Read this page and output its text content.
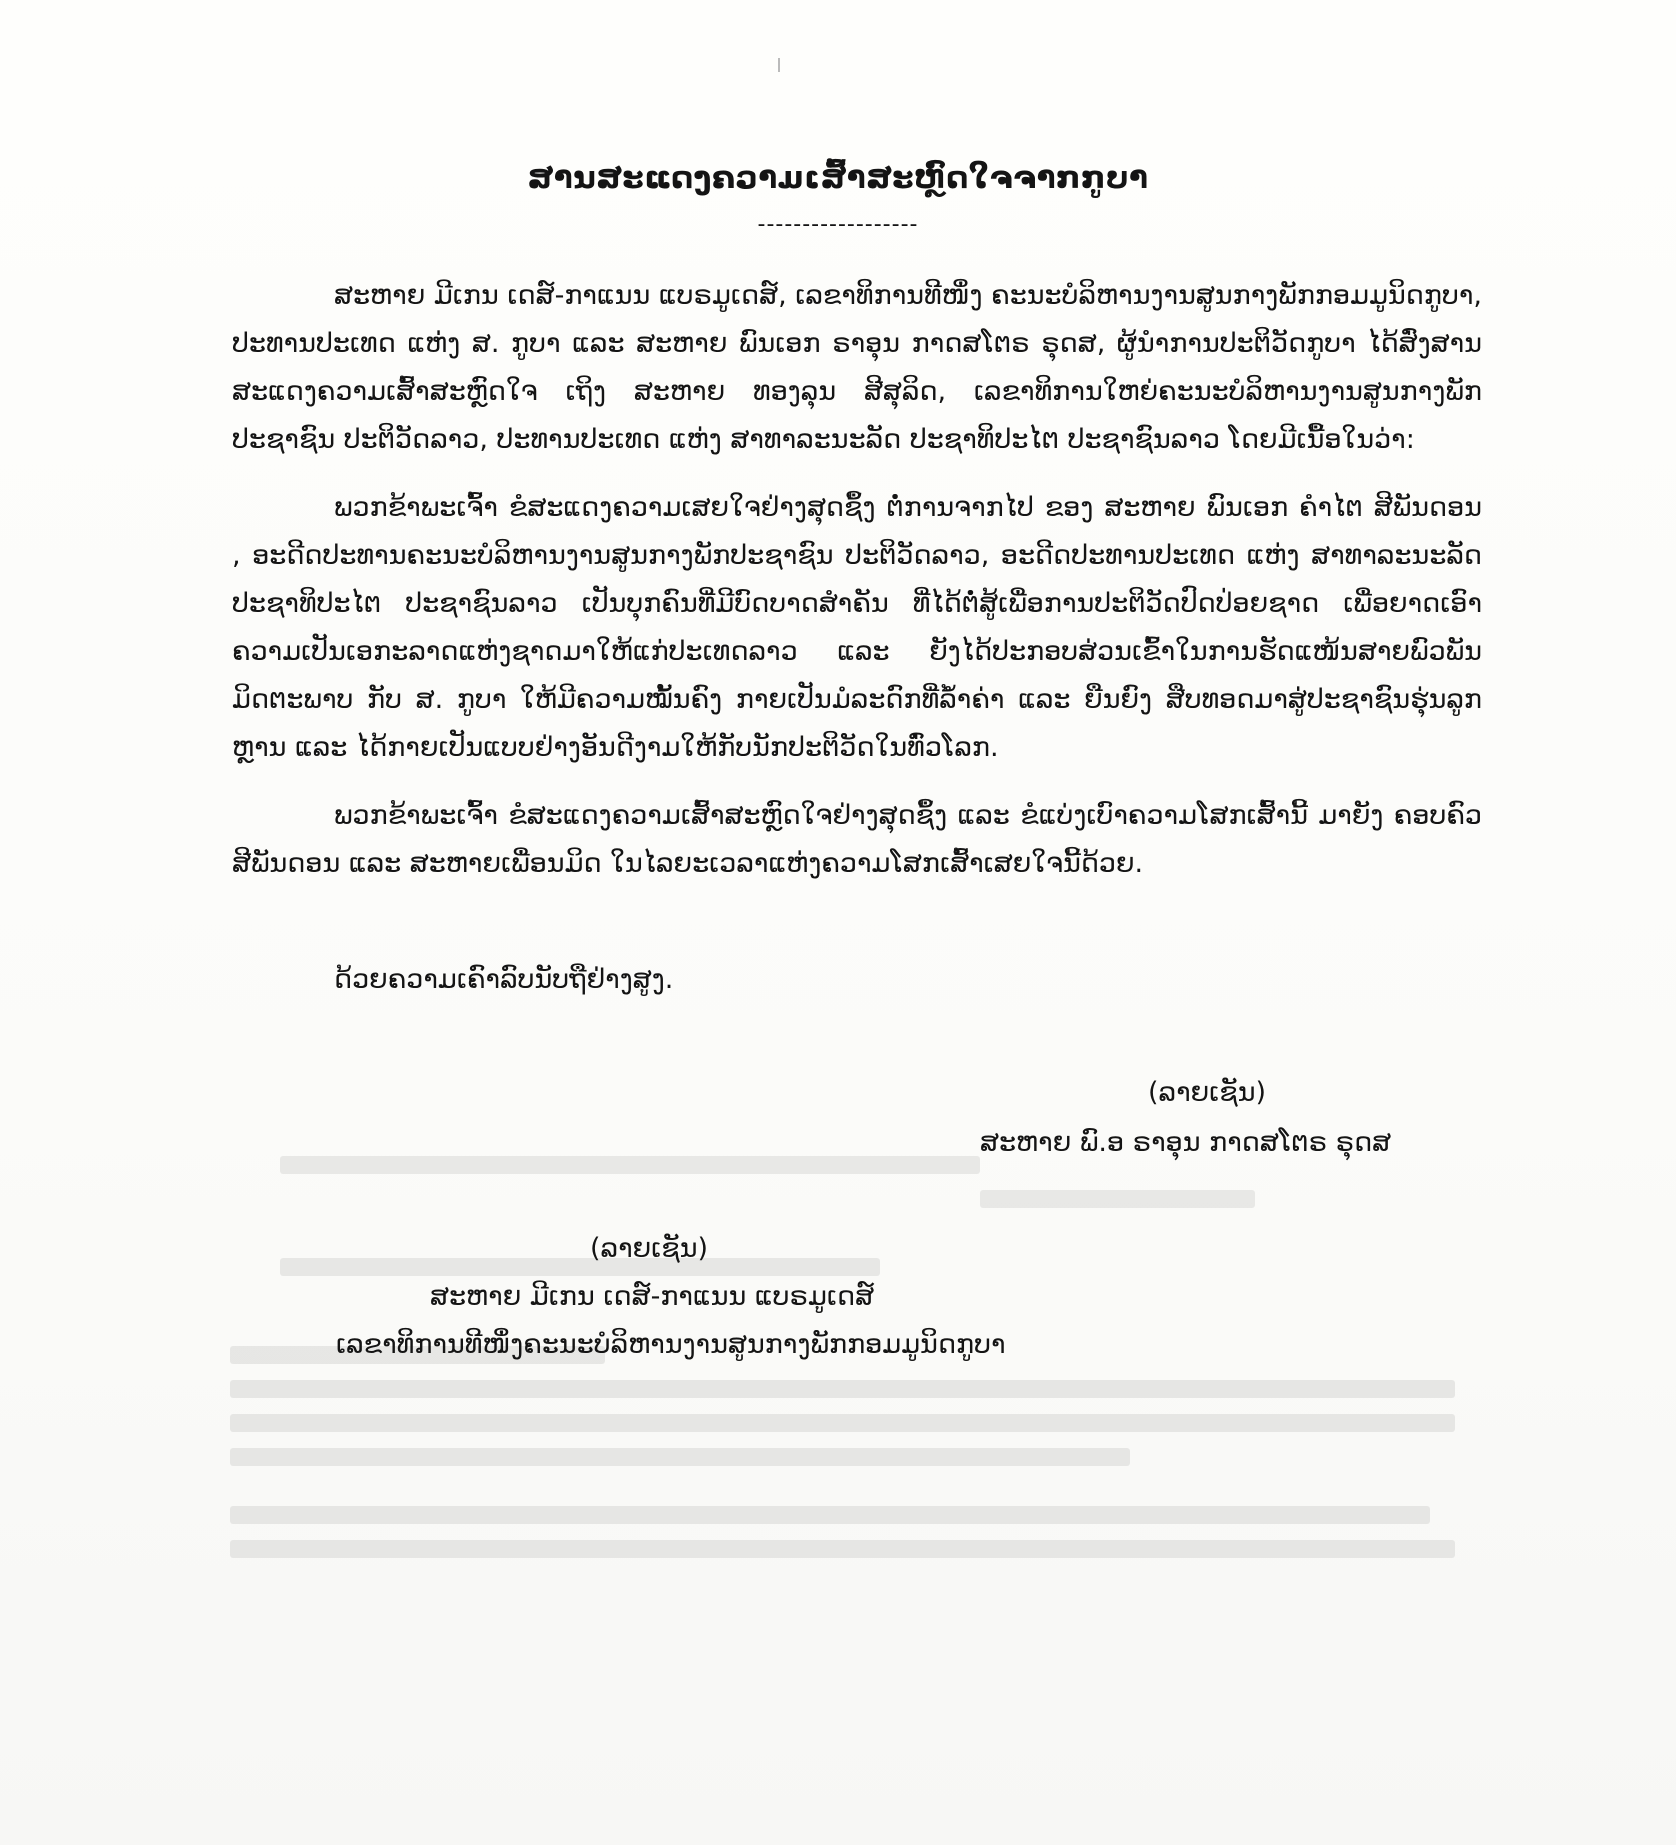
ສານສະແດງຄວາມເສົ້າສະຫຼົດໃຈຈາກກູບາ
------------------

ສະຫາຍ ມີເກນ ເດສ໌-ກາແນນ ແບຣມູເດສ໌, ເລຂາທິການທີໜຶ່ງ ຄະນະບໍລິຫານງານສູນກາງພັກກອມມູນິດກູບາ, ປະທານປະເທດ ແຫ່ງ ສ. ກູບາ ແລະ ສະຫາຍ ພົນເອກ ຣາອຸນ ກາດສໂຕຣ ຣຸດສ, ຜູ້ນໍາການປະຕິວັດກູບາ ໄດ້ສົ່ງສານສະແດງຄວາມເສົ້າສະຫຼົດໃຈ ເຖິງ ສະຫາຍ ທອງລຸນ ສີສຸລິດ, ເລຂາທິການໃຫຍ່ຄະນະບໍລິຫານງານສູນກາງພັກປະຊາຊົນ ປະຕິວັດລາວ, ປະທານປະເທດ ແຫ່ງ ສາທາລະນະລັດ ປະຊາທິປະໄຕ ປະຊາຊົນລາວ ໂດຍມີເນື້ອໃນວ່າ:

ພວກຂ້າພະເຈົ້າ ຂໍສະແດງຄວາມເສຍໃຈຢ່າງສຸດຊຶ້ງ ຕໍ່ການຈາກໄປ ຂອງ ສະຫາຍ ພົນເອກ ຄໍາໄຕ ສີພັນດອນ , ອະດີດປະທານຄະນະບໍລິຫານງານສູນກາງພັກປະຊາຊົນ ປະຕິວັດລາວ, ອະດີດປະທານປະເທດ ແຫ່ງ ສາທາລະນະລັດ ປະຊາທິປະໄຕ ປະຊາຊົນລາວ ເປັນບຸກຄົນທີ່ມີບົດບາດສໍາຄັນ ທີ່ໄດ້ຕໍ່ສູ້ເພື່ອການປະຕິວັດປົດປ່ອຍຊາດ ເພື່ອຍາດເອົາຄວາມເປັນເອກະລາດແຫ່ງຊາດມາໃຫ້ແກ່ປະເທດລາວ ແລະ ຍັງໄດ້ປະກອບສ່ວນເຂົ້າໃນການຮັດແໜ້ນສາຍພົວພັນມິດຕະພາບ ກັບ ສ. ກູບາ ໃຫ້ມີຄວາມໝັ້ນຄົງ ກາຍເປັນມໍລະດົກທີ່ລໍ້າຄ່າ ແລະ ຍືນຍົງ ສືບທອດມາສູ່ປະຊາຊົນຮຸ່ນລູກຫຼານ ແລະ ໄດ້ກາຍເປັນແບບຢ່າງອັນດີງາມໃຫ້ກັບນັກປະຕິວັດໃນທົ່ວໂລກ.

ພວກຂ້າພະເຈົ້າ ຂໍສະແດງຄວາມເສົ້າສະຫຼົດໃຈຢ່າງສຸດຊຶ້ງ ແລະ ຂໍແບ່ງເບົາຄວາມໂສກເສົ້ານີ້ ມາຍັງ ຄອບຄົວສີພັນດອນ ແລະ ສະຫາຍເພື່ອນມິດ ໃນໄລຍະເວລາແຫ່ງຄວາມໂສກເສົ້າເສຍໃຈນີ້ດ້ວຍ.

ດ້ວຍຄວາມເຄົາລົບນັບຖືຢ່າງສູງ.

(ລາຍເຊັນ)
ສະຫາຍ ພົ.ອ ຣາອຸນ ກາດສໂຕຣ ຣຸດສ
(ລາຍເຊັນ)
ສະຫາຍ ມີເກນ ເດສ໌-ກາແນນ ແບຣມູເດສ໌
ເລຂາທິການທີໜຶ່ງຄະນະບໍລິຫານງານສູນກາງພັກກອມມູນິດກູບາ
